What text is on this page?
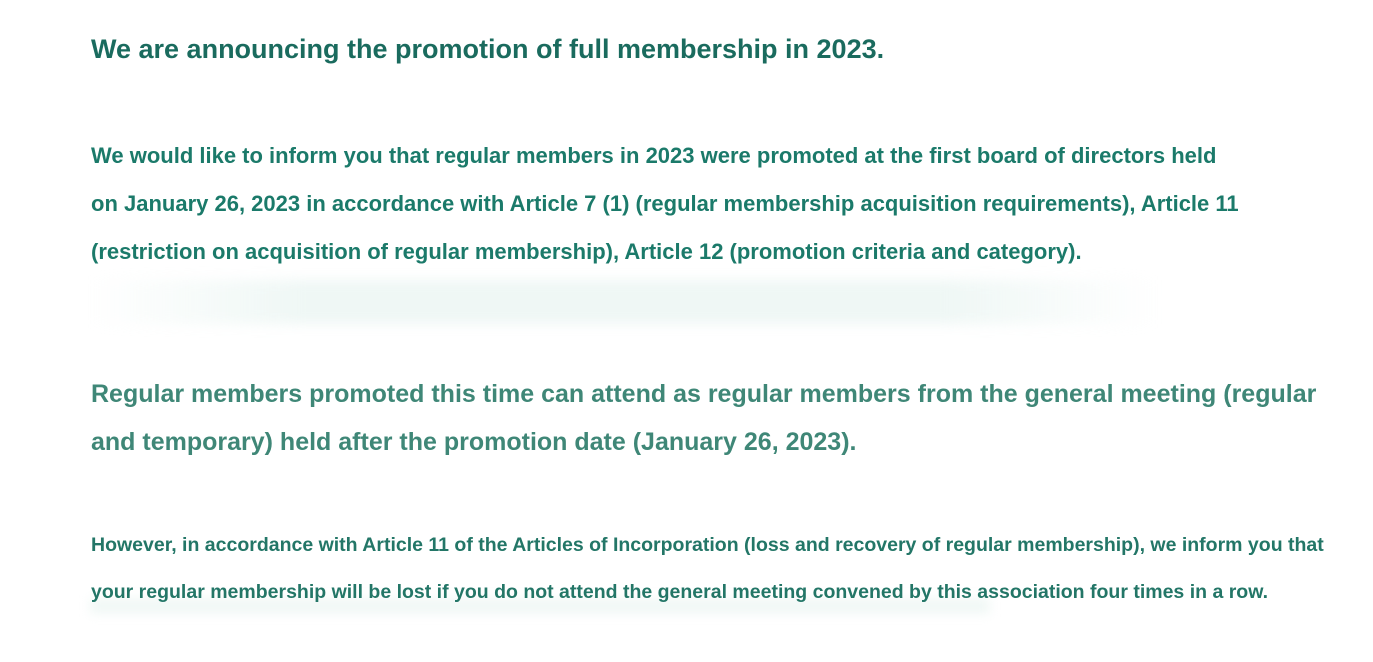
We are announcing the promotion of full membership in 2023.

We would like to inform you that regular members in 2023 were promoted at the first board of directors held
on January 26, 2023 in accordance with Article 7 (1) (regular membership acquisition requirements), Article 11
(restriction on acquisition of regular membership), Article 12 (promotion criteria and category).

Regular members promoted this time can attend as regular members from the general meeting (regular
and temporary) held after the promotion date (January 26, 2023).

However, in accordance with Article 11 of the Articles of Incorporation (loss and recovery of regular membership), we inform you that
your regular membership will be lost if you do not attend the general meeting convened by this association four times in a row.
